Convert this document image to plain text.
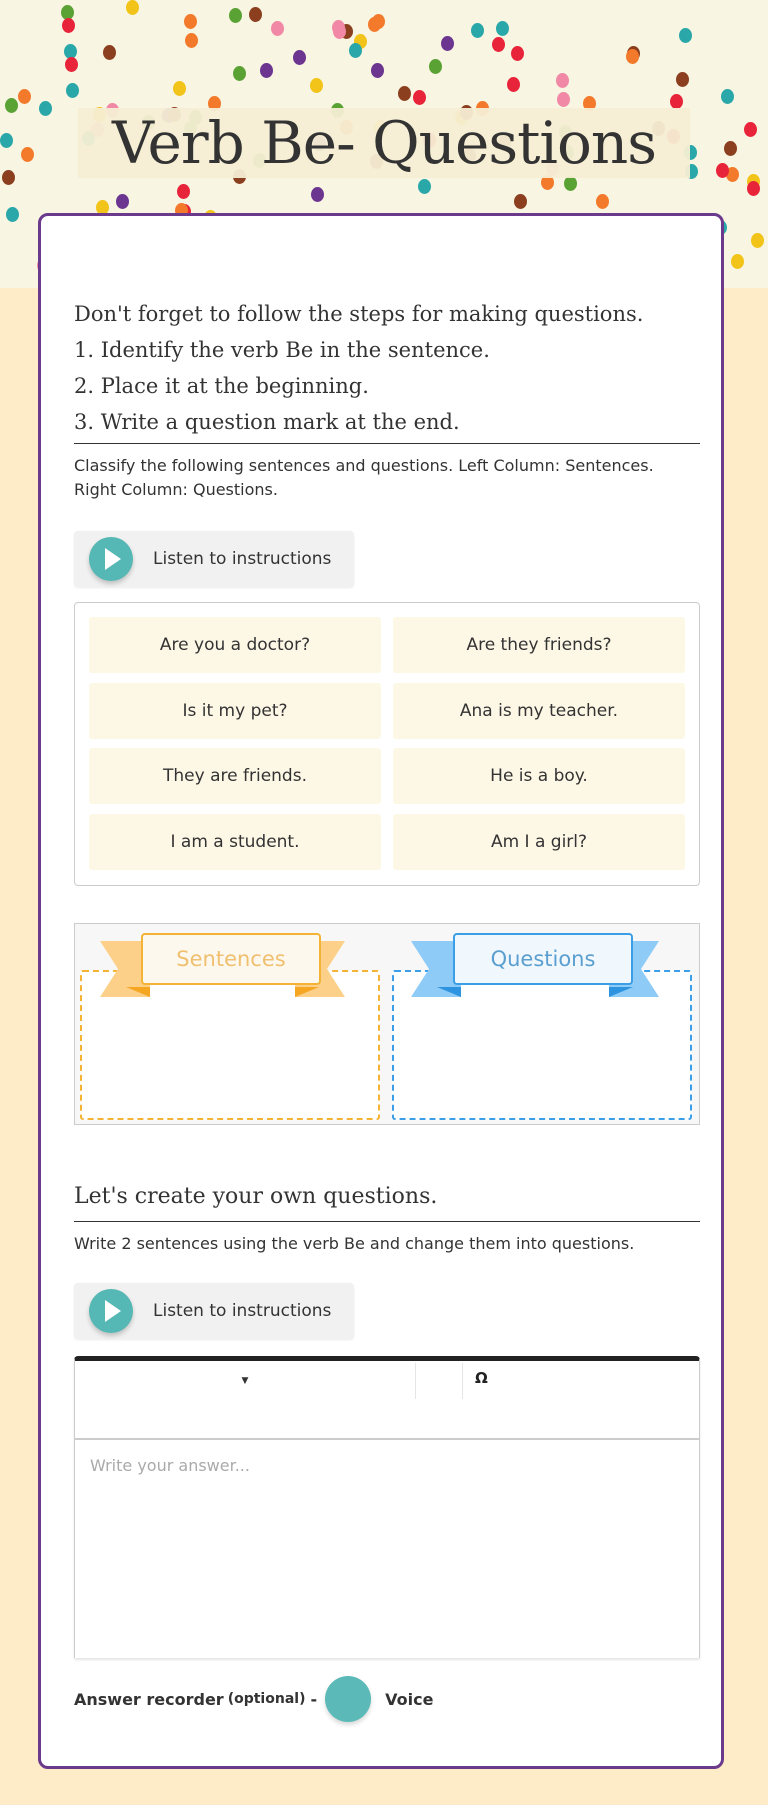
Verb Be- Questions
Don't forget to follow the steps for making questions.
1. Identify the verb Be in the sentence.
2. Place it at the beginning.
3. Write a question mark at the end.
Classify the following sentences and questions. Left Column: Sentences. Right Column: Questions.
Listen to instructions
Are you a doctor?	Are they friends?
Is it my pet?	Ana is my teacher.
They are friends.	He is a boy.
I am a student.	Am I a girl?
Sentences	Questions
Let's create your own questions.
Write 2 sentences using the verb Be and change them into questions.
Listen to instructions
▼	Ω
Write your answer...
Answer recorder (optional) -	Voice
